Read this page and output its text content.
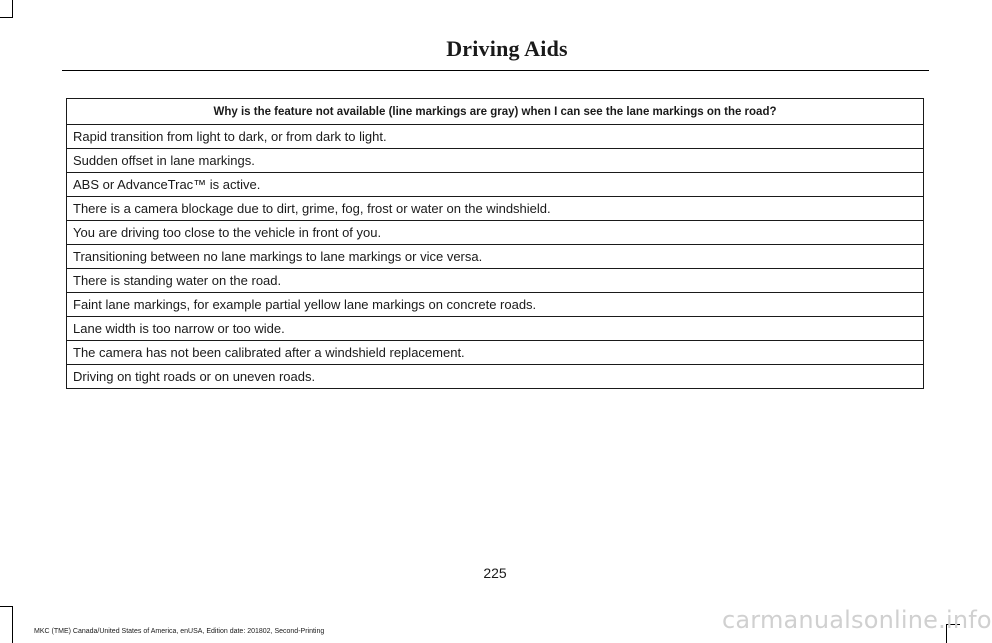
Driving Aids
Why is the feature not available (line markings are gray) when I can see the lane markings on the road?
Rapid transition from light to dark, or from dark to light.
Sudden offset in lane markings.
ABS or AdvanceTrac™ is active.
There is a camera blockage due to dirt, grime, fog, frost or water on the windshield.
You are driving too close to the vehicle in front of you.
Transitioning between no lane markings to lane markings or vice versa.
There is standing water on the road.
Faint lane markings, for example partial yellow lane markings on concrete roads.
Lane width is too narrow or too wide.
The camera has not been calibrated after a windshield replacement.
Driving on tight roads or on uneven roads.
225
MKC (TME) Canada/United States of America, enUSA, Edition date: 201802, Second-Printing	carmanualsonline.info
